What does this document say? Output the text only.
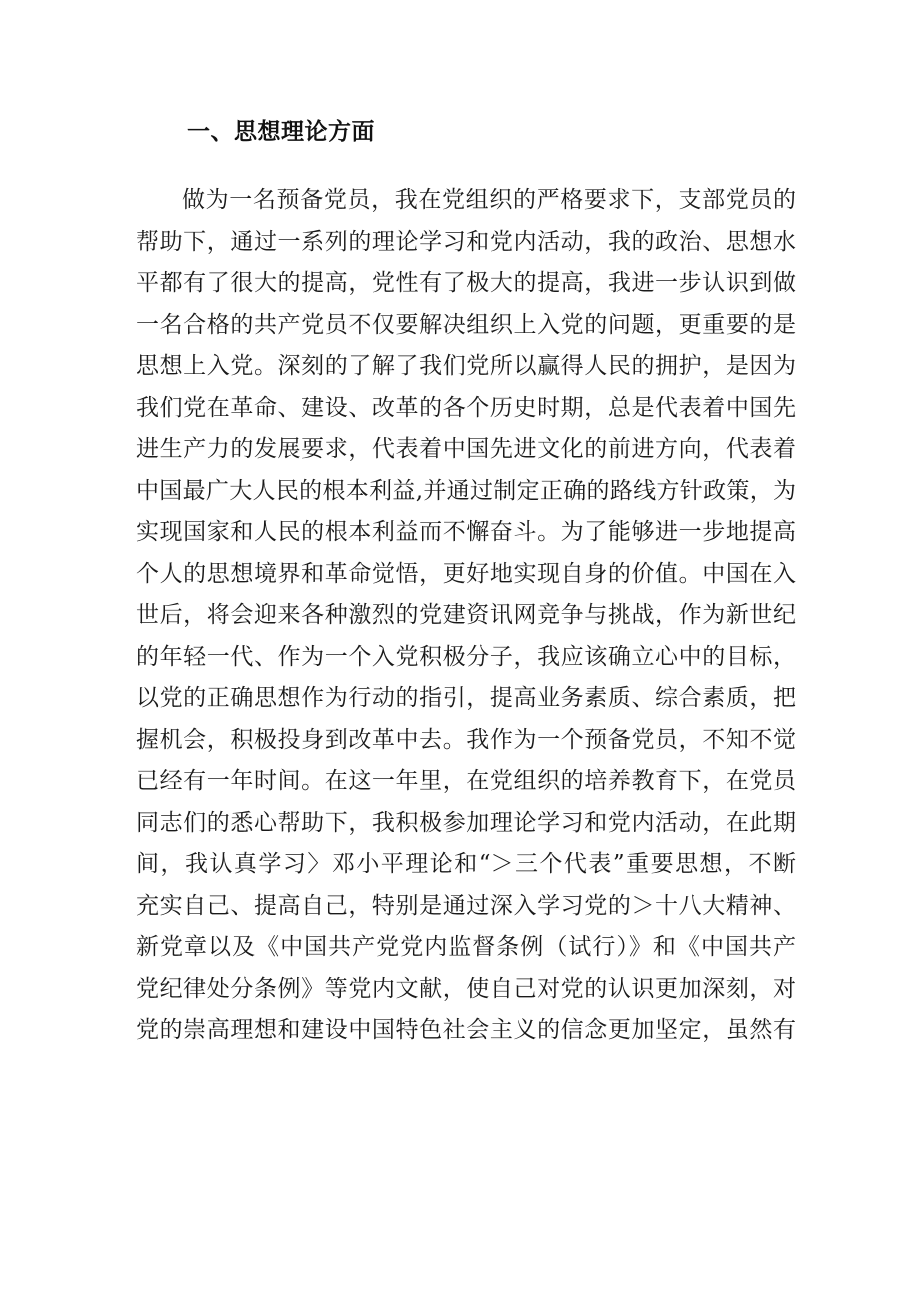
一、思想理论方面
做为一名预备党员，我在党组织的严格要求下，支部党员的
帮助下，通过一系列的理论学习和党内活动，我的政治、思想水
平都有了很大的提高，党性有了极大的提高，我进一步认识到做
一名合格的共产党员不仅要解决组织上入党的问题，更重要的是
思想上入党。深刻的了解了我们党所以赢得人民的拥护，是因为
我们党在革命、建设、改革的各个历史时期，总是代表着中国先
进生产力的发展要求，代表着中国先进文化的前进方向，代表着
中国最广大人民的根本利益,并通过制定正确的路线方针政策，为
实现国家和人民的根本利益而不懈奋斗。为了能够进一步地提高
个人的思想境界和革命觉悟，更好地实现自身的价值。中国在入
世后，将会迎来各种激烈的党建资讯网竞争与挑战，作为新世纪
的年轻一代、作为一个入党积极分子，我应该确立心中的目标，
以党的正确思想作为行动的指引，提高业务素质、综合素质，把
握机会，积极投身到改革中去。我作为一个预备党员，不知不觉
已经有一年时间。在这一年里，在党组织的培养教育下，在党员
同志们的悉心帮助下，我积极参加理论学习和党内活动，在此期
间，我认真学习〉邓小平理论和“＞三个代表”重要思想，不断
充实自己、提高自己，特别是通过深入学习党的＞十八大精神、
新党章以及《中国共产党党内监督条例（试行）》和《中国共产
党纪律处分条例》等党内文献，使自己对党的认识更加深刻，对
党的崇高理想和建设中国特色社会主义的信念更加坚定，虽然有
